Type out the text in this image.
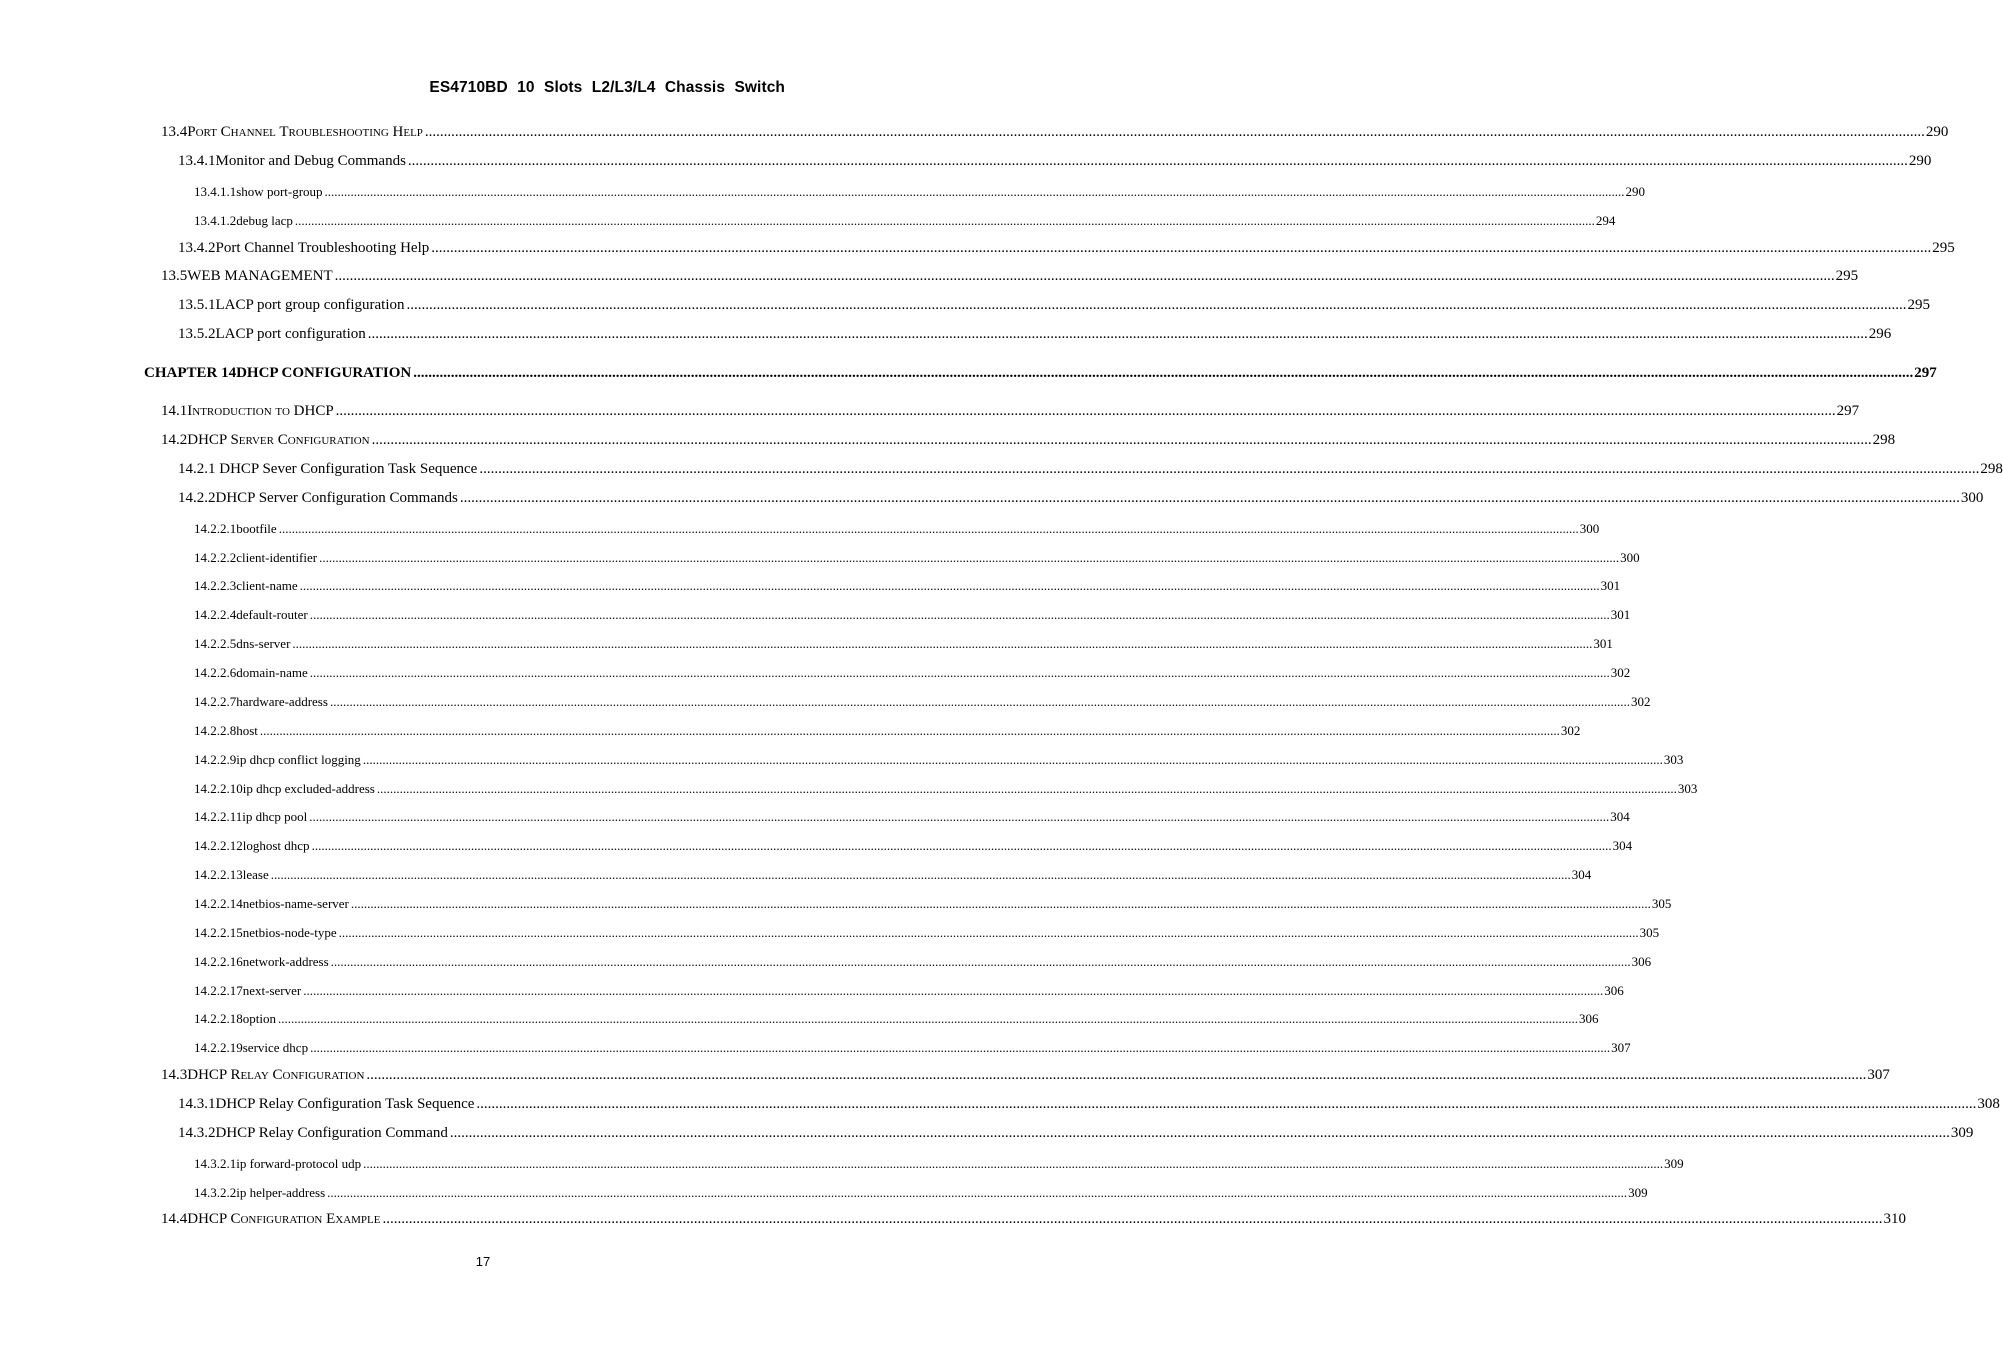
ES4710BD 10 Slots L2/L3/L4 Chassis Switch
13.4 Port Channel Troubleshooting Help ................................................................................................................................................................................................................................................................................................................................................................................................................ 290
13.4.1 Monitor and Debug Commands ................................................................................................................................................................................................................................................................................................................................................................................................................ 290
13.4.1.1 show port-group ................................................................................................................................................................................................................................................................................................................................................................................................................ 290
13.4.1.2 debug lacp ................................................................................................................................................................................................................................................................................................................................................................................................................ 294
13.4.2 Port Channel Troubleshooting Help ................................................................................................................................................................................................................................................................................................................................................................................................................ 295
13.5 WEB MANAGEMENT ................................................................................................................................................................................................................................................................................................................................................................................................................ 295
13.5.1 LACP port group configuration ................................................................................................................................................................................................................................................................................................................................................................................................................ 295
13.5.2 LACP port configuration ................................................................................................................................................................................................................................................................................................................................................................................................................ 296
CHAPTER 14 DHCP CONFIGURATION ................................................................................................................................................................................................................................................................................................................................................................................................................ 297
14.1 Introduction to DHCP ................................................................................................................................................................................................................................................................................................................................................................................................................ 297
14.2 DHCP Server Configuration ................................................................................................................................................................................................................................................................................................................................................................................................................ 298
14.2.1 DHCP Sever Configuration Task Sequence ................................................................................................................................................................................................................................................................................................................................................................................................................ 298
14.2.2 DHCP Server Configuration Commands ................................................................................................................................................................................................................................................................................................................................................................................................................ 300
14.2.2.1 bootfile ................................................................................................................................................................................................................................................................................................................................................................................................................ 300
14.2.2.2 client-identifier ................................................................................................................................................................................................................................................................................................................................................................................................................ 300
14.2.2.3 client-name ................................................................................................................................................................................................................................................................................................................................................................................................................ 301
14.2.2.4 default-router ................................................................................................................................................................................................................................................................................................................................................................................................................ 301
14.2.2.5 dns-server ................................................................................................................................................................................................................................................................................................................................................................................................................ 301
14.2.2.6 domain-name ................................................................................................................................................................................................................................................................................................................................................................................................................ 302
14.2.2.7 hardware-address ................................................................................................................................................................................................................................................................................................................................................................................................................ 302
14.2.2.8 host ................................................................................................................................................................................................................................................................................................................................................................................................................ 302
14.2.2.9 ip dhcp conflict logging ................................................................................................................................................................................................................................................................................................................................................................................................................ 303
14.2.2.10 ip dhcp excluded-address ................................................................................................................................................................................................................................................................................................................................................................................................................ 303
14.2.2.11 ip dhcp pool ................................................................................................................................................................................................................................................................................................................................................................................................................ 304
14.2.2.12 loghost dhcp ................................................................................................................................................................................................................................................................................................................................................................................................................ 304
14.2.2.13 lease ................................................................................................................................................................................................................................................................................................................................................................................................................ 304
14.2.2.14 netbios-name-server ................................................................................................................................................................................................................................................................................................................................................................................................................ 305
14.2.2.15 netbios-node-type ................................................................................................................................................................................................................................................................................................................................................................................................................ 305
14.2.2.16 network-address ................................................................................................................................................................................................................................................................................................................................................................................................................ 306
14.2.2.17 next-server ................................................................................................................................................................................................................................................................................................................................................................................................................ 306
14.2.2.18 option ................................................................................................................................................................................................................................................................................................................................................................................................................ 306
14.2.2.19 service dhcp ................................................................................................................................................................................................................................................................................................................................................................................................................ 307
14.3 DHCP Relay Configuration ................................................................................................................................................................................................................................................................................................................................................................................................................ 307
14.3.1 DHCP Relay Configuration Task Sequence ................................................................................................................................................................................................................................................................................................................................................................................................................ 308
14.3.2 DHCP Relay Configuration Command ................................................................................................................................................................................................................................................................................................................................................................................................................ 309
14.3.2.1 ip forward-protocol udp ................................................................................................................................................................................................................................................................................................................................................................................................................ 309
14.3.2.2 ip helper-address ................................................................................................................................................................................................................................................................................................................................................................................................................ 309
14.4 DHCP Configuration Example ................................................................................................................................................................................................................................................................................................................................................................................................................ 310
17
